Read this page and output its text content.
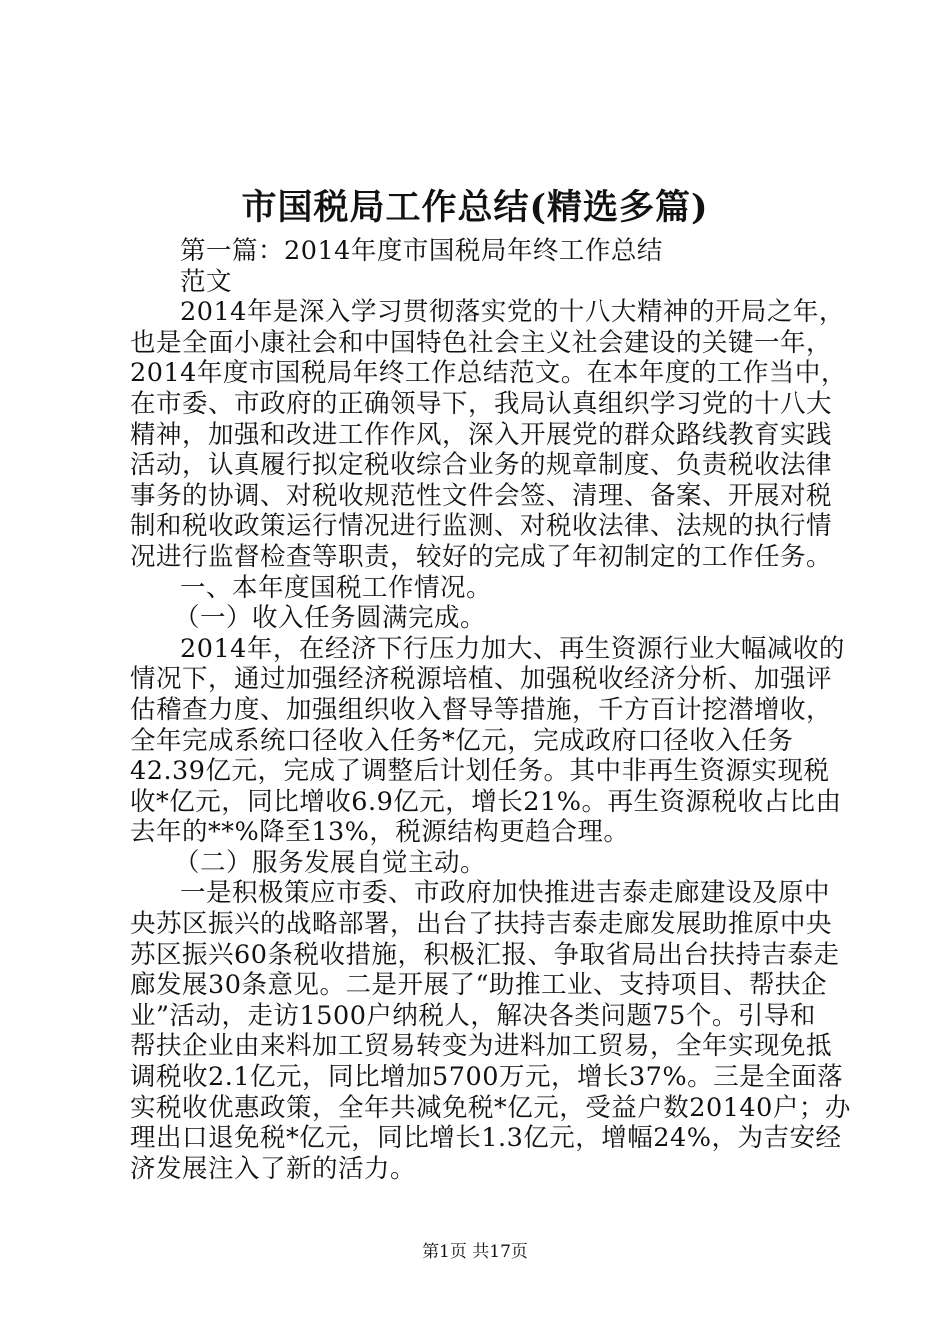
市国税局工作总结(精选多篇)
第一篇：2014年度市国税局年终工作总结
范文
2014年是深入学习贯彻落实党的十八大精神的开局之年，
也是全面小康社会和中国特色社会主义社会建设的关键一年，
2014年度市国税局年终工作总结范文。在本年度的工作当中，
在市委、市政府的正确领导下，我局认真组织学习党的十八大
精神，加强和改进工作作风，深入开展党的群众路线教育实践
活动，认真履行拟定税收综合业务的规章制度、负责税收法律
事务的协调、对税收规范性文件会签、清理、备案、开展对税
制和税收政策运行情况进行监测、对税收法律、法规的执行情
况进行监督检查等职责，较好的完成了年初制定的工作任务。
一、本年度国税工作情况。
（一）收入任务圆满完成。
2014年，在经济下行压力加大、再生资源行业大幅减收的
情况下，通过加强经济税源培植、加强税收经济分析、加强评
估稽查力度、加强组织收入督导等措施，千方百计挖潜增收，
全年完成系统口径收入任务*亿元，完成政府口径收入任务
42.39亿元，完成了调整后计划任务。其中非再生资源实现税
收*亿元，同比增收6.9亿元，增长21%。再生资源税收占比由
去年的**%降至13%，税源结构更趋合理。
（二）服务发展自觉主动。
一是积极策应市委、市政府加快推进吉泰走廊建设及原中
央苏区振兴的战略部署，出台了扶持吉泰走廊发展助推原中央
苏区振兴60条税收措施，积极汇报、争取省局出台扶持吉泰走
廊发展30条意见。二是开展了“助推工业、支持项目、帮扶企
业”活动，走访1500户纳税人，解决各类问题75个。引导和
帮扶企业由来料加工贸易转变为进料加工贸易，全年实现免抵
调税收2.1亿元，同比增加5700万元，增长37%。三是全面落
实税收优惠政策，全年共减免税*亿元，受益户数20140户；办
理出口退免税*亿元，同比增长1.3亿元，增幅24%，为吉安经
济发展注入了新的活力。
第1页 共17页
